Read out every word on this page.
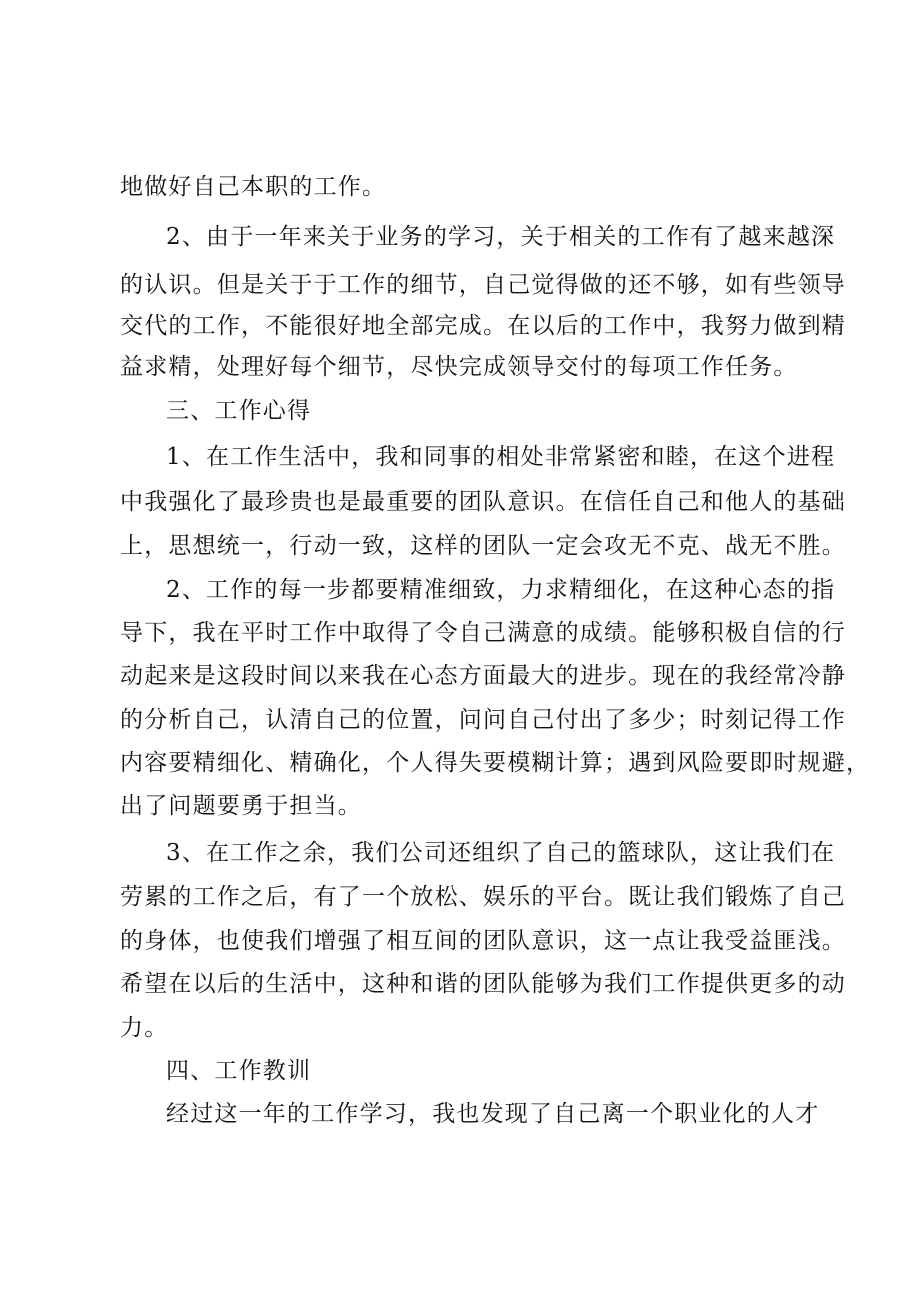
地做好自己本职的工作。
2、由于一年来关于业务的学习，关于相关的工作有了越来越深
的认识。但是关于于工作的细节，自己觉得做的还不够，如有些领导
交代的工作，不能很好地全部完成。在以后的工作中，我努力做到精
益求精，处理好每个细节，尽快完成领导交付的每项工作任务。
三、工作心得
1、在工作生活中，我和同事的相处非常紧密和睦，在这个进程
中我强化了最珍贵也是最重要的团队意识。在信任自己和他人的基础
上，思想统一，行动一致，这样的团队一定会攻无不克、战无不胜。
2、工作的每一步都要精准细致，力求精细化，在这种心态的指
导下，我在平时工作中取得了令自己满意的成绩。能够积极自信的行
动起来是这段时间以来我在心态方面最大的进步。现在的我经常冷静
的分析自己，认清自己的位置，问问自己付出了多少；时刻记得工作
内容要精细化、精确化，个人得失要模糊计算；遇到风险要即时规避，
出了问题要勇于担当。
3、在工作之余，我们公司还组织了自己的篮球队，这让我们在
劳累的工作之后，有了一个放松、娱乐的平台。既让我们锻炼了自己
的身体，也使我们增强了相互间的团队意识，这一点让我受益匪浅。
希望在以后的生活中，这种和谐的团队能够为我们工作提供更多的动
力。
四、工作教训
经过这一年的工作学习，我也发现了自己离一个职业化的人才
